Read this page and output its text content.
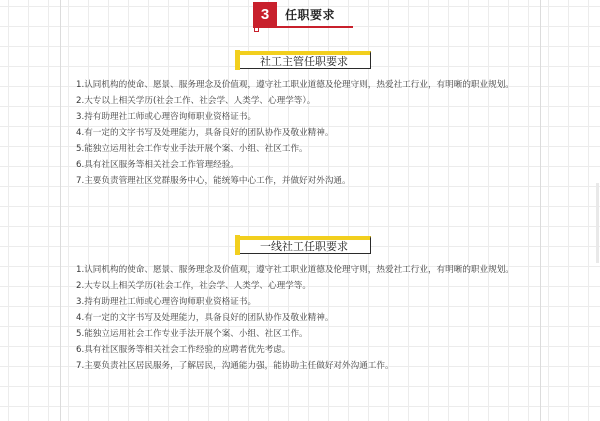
3	任职要求
社工主管任职要求
1.认同机构的使命、愿景、服务理念及价值观，遵守社工职业道德及伦理守则，热爱社工行业，有明晰的职业规划。
2.大专以上相关学历(社会工作、社会学、人类学、心理学等）。
3.持有助理社工师或心理咨询师职业资格证书。
4.有一定的文字书写及处理能力，具备良好的团队协作及敬业精神。
5.能独立运用社会工作专业手法开展个案、小组、社区工作。
6.具有社区服务等相关社会工作管理经验。
7.主要负责管理社区党群服务中心，能统筹中心工作，并做好对外沟通。
一线社工任职要求
1.认同机构的使命、愿景、服务理念及价值观，遵守社工职业道德及伦理守则，热爱社工行业，有明晰的职业规划。
2.大专以上相关学历(社会工作，社会学、人类学、心理学等。
3.持有助理社工师或心理咨询师职业资格证书。
4.有一定的文字书写及处理能力，具备良好的团队协作及敬业精神。
5.能独立运用社会工作专业手法开展个案、小组、社区工作。
6.具有社区服务等相关社会工作经验的应聘者优先考虑。
7.主要负责社区居民服务，了解居民，沟通能力强，能协助主任做好对外沟通工作。
